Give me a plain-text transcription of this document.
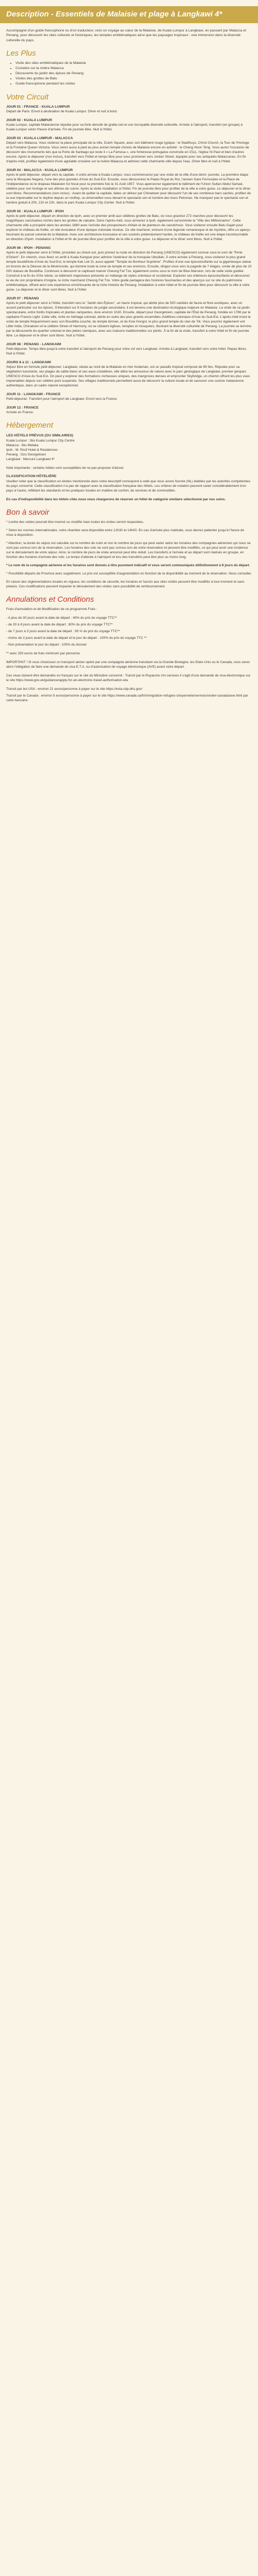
Description - Essentiels de Malaisie et plage à Langkawi 4*

Accompagné d'un guide francophone ou d'un traducteur, voici un voyage au cœur de la Malaisie, de Kuala Lumpur à Langkawi, en passant par Malacca et Penang, pour découvrir les sites culturels et historiques, les temples emblématiques ainsi que les paysages tropicaux : une immersion dans la diversité culturelle du pays.

Les Plus
• Visite des sites emblématiques de la Malaisie
• Croisière sur la rivière Malacca
• Découverte du jardin des épices de Penang
• Visites des grottes de Batu
• Guide francophone pendant les visites
Votre Circuit
JOUR 01 : FRANCE - KUALA LUMPUR

Départ de Paris. Envol à destination de Kuala Lumpur. Dîner et nuit à bord.

JOUR 02 : KUALA LUMPUR

Kuala Lumpur, capitale Malaisienne réputée pour sa forte densité de gratte-ciel et son incroyable diversité culturelle. Arrivée à l'aéroport, transfert (en groupe) à Kuala Lumpur selon l'heure d'arrivée. Fin de journée libre. Nuit à l'hôtel.

JOUR 03 : KUALA LUMPUR - MALACCA

Départ vers Malacca. Vous visiterez la place principale de la ville, Dutch Square, avec son bâtiment rouge typique : le Stadthuys, Christ Church, la Tour de l'Horloge et la Fontaine Queen Victoria. Vous serez aussi à pied au plus ancien temple chinois de Malaisie encore en activité : le Cheng Hoon Teng. Vous aurez l'occasion de découvrir des monuments tels que la Porte de Santiago qui reste il « La Famosa », une forteresse portugaise construite en 1511, l'église St Paul et bien d'autres encore. Après le déjeuner (non inclus), transfert vers l'hôtel et temps libre pour vous promener vers Jonker Street, équipée pour ses antiquités Malaccanes. En fin d'après-midi, profitez également d'une agréable croisière sur la rivière Malacca et admirez cette charmante ville depuis l'eau. Dîner libre et nuit à l'hôtel.

JOUR 04 : MALACCA - KUALA LUMPUR

Après le petit déjeuner, départ vers la capitale. A votre arrivée à Kuala Lumpur, vous commencerez par une visite de la ville d'une demi- journée. La première étape sera la Mosquée Negara, l'une des plus grandes d'Asie du Sud-Est. Ensuite, vous découvrirez le Palais Royal du Roi, l'ancien Gare Ferroviaire et la Place de l'indépendance où le drapeau Malaisien fut hissé pour la première fois le 31 Août 1957. Vous apercevrez également le bâtiment de l'Union Sultan Abdul Samad, célèbre pour son horloge et ses dômes de cuivre. Après la visite installation à l'hôtel. Fin de journée libre pour profiter de la ville à votre guise. Le déjeuner et le dîner sont libres. Recommandations (non inclus) : Avant de quitter la capitale, faites un détour par Chinatown pour découvrir l'un de ses nombreux bars cachés, profitez de la vue imprenable sur le skyline depuis un rooftop, ou émerveillez-vous devant le spectacle son et lumière des tours Petronas. Ne manquez pas le spectacle son et lumière gratuit à 20h, 21h et 22h, dans le parc Kuala Lumpur City Center. Nuit à l'hôtel.

JOUR 05 : KUALA LUMPUR - IPOH

Après le petit déjeuner, départ en direction de Ipoh, avec un premier arrêt aux célèbres grottes de Batu, où vous gravirez 272 marches pour découvrir les magnifiques sanctuaires nichés dans les grottes de calcaire. Dans l'après-midi, vous arriverez à Ipoh, également surnommée la "Ville des Millionnaires". Cette charmante ville a prospéré dans les années 1880 avec l'arrivée des prospecteurs d'étain et de planteurs de caoutchouc. Vous visiterez ensuite Batu Gajah pour explorer le château de Kellie, un site évocateur d'une époque coloniale révolue. Ce site inachevé, entouré d'une légende romanesque et de mystère, offre un aperçu fascinant du passé colonial de la Malaisie. Avec son architecture écossaise et ses couloirs prétendument hantés, le château de Kellie est une étape incontournable en direction d'Ipoh. Installation à l'hôtel et fin de journée libre pour profiter de la ville à votre guise. Le déjeuner et le dîner sont libres. Nuit à l'hôtel.

JOUR 06 : IPOH - PENANG

Après le petit déjeuner servi à l'hôtel, procédez au check-out, puis prenez la route en direction de Penang (UNESCO) également connue sous le nom de "Perle d'Orient". En chemin, vous ferez un arrêt à Kuala Kangsar pour admirer l'extérieur de la mosquée Ubudiah. À votre arrivée à Penang, vous visiterez le plus grand temple bouddhiste d'Asie du Sud-Est, le temple Kek Lok Si, aussi appelé "Temple du Bonheur Suprême". Profitez d'une vue époustouflante sur la gigantesque statue en bronze de la Déesse de la Miséricorde, qui domine toute la zone du temple et ses environs. Ensuite, dirigez-vous vers la pagode de 7 étages, ornée de plus de 10 000 statues de Bouddha. Continuez à découvrir le captivant manoir Cheong Fat Tze, également connu sous le nom de Blue Mansion, lors de cette visite guidée. Construit à la fin du XIXe siècle, ce bâtiment majestueux présente un mélange de styles orientaux et occidental. Explorez ses intérieurs époustouflants et découvrez la vie de son propriétaire d'origine, le riche marchand Cheong Fat Tze. Votre guide partagera des histoires fascinantes et des aperçus sur ce site du patrimoine emblématique, offrant ainsi une expérience enrichissante de la riche histoire de Penang. Installation à votre hôtel et fin de journée libre pour découvrir la ville à votre guise. Le déjeuner et le dîner sont libres. Nuit à l'hôtel.

JOUR 07 : PENANG

Après le petit déjeuner servi à l'hôtel, transfert vers le "Jardin des Épices", un havre tropical, qui abrite plus de 500 variétés de faune et flore exotiques, avec un accent particulier sur les épices. S'étendant sur 8 hectares de jungle secondaire, il est devenu une destination écologique majeure en Malaisie. La visite de ce jardin spectaculaire, entre forêts tropicales et plantes rampantes, dure environ 1h30. Ensuite, départ pour Georgetown, capitale de l'État de Penang, fondée en 1786 par le capitaine Francis Light. Cette ville, riche en héritage colonial, abrite en outre des plus grands ensembles d'édifices coloniaux d'Asie du Sud-Est. L'après-midi inclut la visite de temple fréquemment avec son Bouddha couché, du temple birman, et du Kow Hongst, le plus grand temple du clan de Yik. Vous pourrez également voir Little India, Chinatown et la célèbre Street of Harmony, où se côtoient églises, temples et mosquées, illustrant la diversité culturelle de Penang. La journée se termine par la découverte du quartier colonial et des jetées claniques, avec ses maisons traditionnelles sur pilotis. À la fin de la visite, transfert à votre hôtel et fin de journée libre. Le déjeuner et le dîner sont libres. Nuit à l'hôtel.

JOUR 08 : PENANG - LANGKAWI

Petit-déjeuner. Temps libre jusqu'à votre transfert à l'aéroport de Penang pour votre vol vers Langkawi. Arrivée à Langkawi, transfert vers votre hôtel. Repas libres. Nuit à l'hôtel.

JOURS 8 à 11 : LANGKAWI

Séjour libre en formule petit-déjeuner. Langkawi, située au nord de la Malaisie en mer Andaman, est un paradis tropical composé de 99 îles. Réputée pour sa végétation luxuriante, ses plages de sable blanc et ses eaux cristallines, elle attire les amoureux de nature avec le parc géologique de Langkawi, premier géoparc UNESCO d'Asie du Sud-Est. On peut y explorer des formations rocheuses uniques, des mangroves denses et emprunter Skybridge, un chemin offrant les plus vues imprenables depuis son célèbre pont suspendu. Ses villages traditionnels permettent aussi de découvrir la culture locale et de savourer une cuisine malaisienne authentique, dans un cadre naturel exceptionnel.

JOUR 11 : LANGKAWI - FRANCE

Petit-déjeuner. Transfert pour l'aéroport de Langkawi. Envol vers la France.

JOUR 12 : FRANCE

Arrivée en France.

Hébergement
LES HÔTELS PRÉVUS (OU SIMILAIRES)
Kuala Lumpur : Ibis Kuala Lumpur City Centre
Malacca : Ibis Melaka
Ipoh : M. Roof Hotel & Residences
Penang : Ozo Georgetown
Langkawi : Mercure Langkawi 4*

Note importante : certains hôtels sont susceptibles de ne pas proposer d'alcool.

CLASSIFICATION HÔTELIÈRE

Veuillez noter que la classification en étoiles mentionnée dans notre descriptif correspond à celle que nous avons fournie (NL) établies par les autorités compétentes du pays concerné. Cette classification n'a pas de rapport avec la classification française des hôtels. Les critères de notation peuvent varier considérablement d'un pays à l'autre, reflétant les standards et les pratiques locales en matière de confort, de services et de commodités.

En cas d'indisponibilité dans les hôtels cités nous nous chargerons de réserver un hôtel de catégorie similaire sélectionné par nos soins.

Bon à savoir

* Lordre des visites pourrait être inversé ou modifié mais toutes les visites seront respectées.

* Selon les normes internationales, votre chambre sera disponible entre 12h30 et 14h00. En cas d'arrivée plus matinale, vous devrez patienter jusqu'à l'heure de mise à disposition.

* Attention, la durée du séjour est calculée sur le nombre de nuits et non le nombre de jours qui peut varier selon les horaires des compagnies aériennes qui nous ne sont pas connus lors de la réservation. Les horaires des vols ne sont pas connus lors de votre réservation et peuvent être modifiés, ce qui peut avoir une incidence sur le déroulement de votre séjour. Ainsi, le nombre de jours de visite annoncé peut être réduit. Les transferts à l'arrivée et au départ sont réalisés en groupe, en fonction des horaires d'arrivée des vols. Le temps d'attente à l'aéroport et lors des transferts peut être plus ou moins long.

* Le nom de la compagnie aérienne et les horaires sont donnés à titre purement indicatif et vous seront communiqués définitivement à 8 jours du départ.

* Possibilité départs de Province avec supplément. Le prix est susceptible d'augmentation en fonction de la disponibilité au moment de la réservation. Nous consulter.

En raison des réglementations locales en vigueur, les conditions de sécurité, les horaires et l'accès aux sites visités peuvent être modifiés à tout moment et sans préavis. Ces modifications peuvent impacter le déroulement des visites sans possibilité de remboursement.

Annulations et Conditions

Frais d'annulation et de Modification de ce programme Frais :

- A plus de 30 jours avant la date de départ : 40% du prix du voyage TTC**

- de 30 à 8 jours avant la date de départ : 80% du prix du voyage TTC**

- de 7 jours à 3 jours avant la date de départ : 95 % du prix du voyage TTC**

- moins de 3 jours avant la date de départ et le jour du départ : 100% du prix du voyage TTC **

- Non présentation le jour du départ : 100% du dossier

** avec 250 euros de frais minimum par personne

IMPORTANT ! Si vous choisissez un transport aérien opéré par une compagnie aérienne transitant via la Grande-Bretagne, les Etats-Unis ou le Canada, vous serez alors l'obligation de faire une demande de visa E.T.A. ou d'autorisation de voyage électronique (AVE) avant votre départ.

Ces visas doivent être demandés en français sur le site du Ministère concerné : Transit par le Royaume Uni services il s'agit d'une demande de visa électronique sur le site https://www.gov.uk/guidance/apply-for-an-electronic-travel-authorisation-eta

Transit par les USA : environ 21 euros/personne à payer sur le site https://esta.cbp.dhs.gov/

Transit par le Canada : environ 5 euros/personne à payer sur le site https://www.canada.ca/fr/immigration-refugies-citoyennete/services/visiter-canada/ave.html par carte bancaire.
